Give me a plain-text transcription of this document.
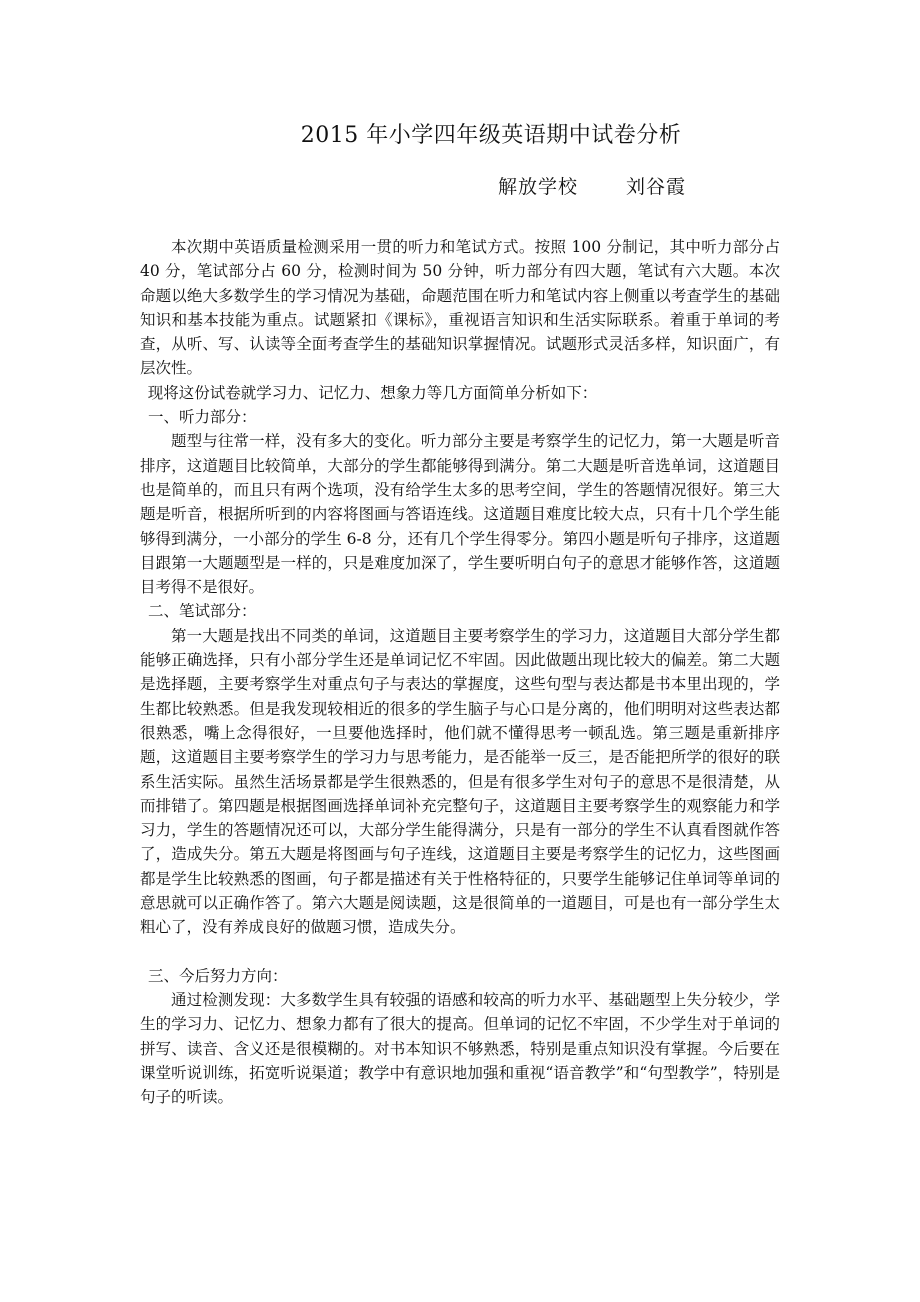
2015 年小学四年级英语期中试卷分析
解放学校	刘谷霞

本次期中英语质量检测采用一贯的听力和笔试方式。按照 100 分制记，其中听力部分占 40 分，笔试部分占 60 分，检测时间为 50 分钟，听力部分有四大题，笔试有六大题。本次命题以绝大多数学生的学习情况为基础，命题范围在听力和笔试内容上侧重以考查学生的基础知识和基本技能为重点。试题紧扣《课标》，重视语言知识和生活实际联系。着重于单词的考查，从听、写、认读等全面考查学生的基础知识掌握情况。试题形式灵活多样，知识面广，有层次性。

现将这份试卷就学习力、记忆力、想象力等几方面简单分析如下：

一、听力部分：

题型与往常一样，没有多大的变化。听力部分主要是考察学生的记忆力，第一大题是听音排序，这道题目比较简单，大部分的学生都能够得到满分。第二大题是听音选单词，这道题目也是简单的，而且只有两个选项，没有给学生太多的思考空间，学生的答题情况很好。第三大题是听音，根据所听到的内容将图画与答语连线。这道题目难度比较大点，只有十几个学生能够得到满分，一小部分的学生 6-8 分，还有几个学生得零分。第四小题是听句子排序，这道题目跟第一大题题型是一样的，只是难度加深了，学生要听明白句子的意思才能够作答，这道题目考得不是很好。

二、笔试部分：

第一大题是找出不同类的单词，这道题目主要考察学生的学习力，这道题目大部分学生都能够正确选择，只有小部分学生还是单词记忆不牢固。因此做题出现比较大的偏差。第二大题是选择题，主要考察学生对重点句子与表达的掌握度，这些句型与表达都是书本里出现的，学生都比较熟悉。但是我发现较相近的很多的学生脑子与心口是分离的，他们明明对这些表达都很熟悉，嘴上念得很好，一旦要他选择时，他们就不懂得思考一顿乱选。第三题是重新排序题，这道题目主要考察学生的学习力与思考能力，是否能举一反三，是否能把所学的很好的联系生活实际。虽然生活场景都是学生很熟悉的，但是有很多学生对句子的意思不是很清楚，从而排错了。第四题是根据图画选择单词补充完整句子，这道题目主要考察学生的观察能力和学习力，学生的答题情况还可以，大部分学生能得满分，只是有一部分的学生不认真看图就作答了，造成失分。第五大题是将图画与句子连线，这道题目主要是考察学生的记忆力，这些图画都是学生比较熟悉的图画，句子都是描述有关于性格特征的，只要学生能够记住单词等单词的意思就可以正确作答了。第六大题是阅读题，这是很简单的一道题目，可是也有一部分学生太粗心了，没有养成良好的做题习惯，造成失分。

三、今后努力方向：

通过检测发现：大多数学生具有较强的语感和较高的听力水平、基础题型上失分较少，学生的学习力、记忆力、想象力都有了很大的提高。但单词的记忆不牢固，不少学生对于单词的拼写、读音、含义还是很模糊的。对书本知识不够熟悉，特别是重点知识没有掌握。今后要在课堂听说训练，拓宽听说渠道；教学中有意识地加强和重视“语音教学”和“句型教学”，特别是句子的听读。
